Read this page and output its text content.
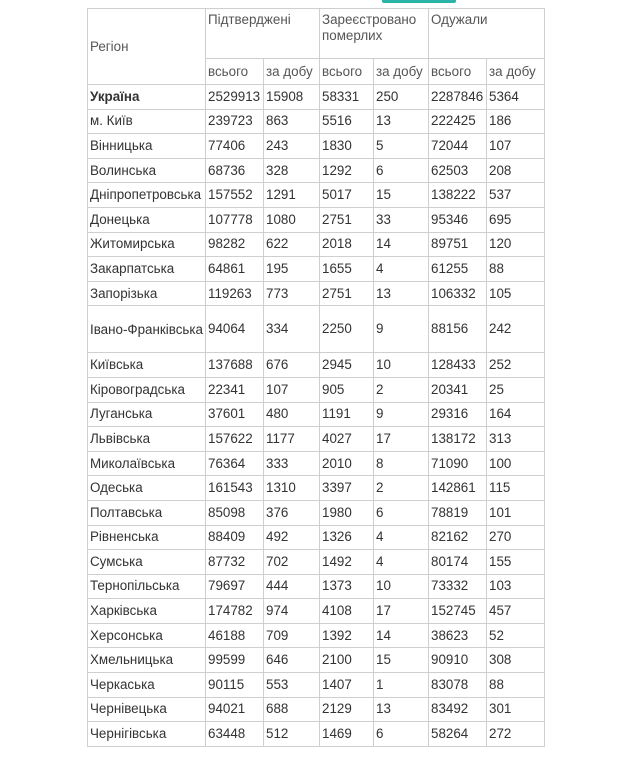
Регіон	Підтверджені		Зареєстровано померлих		Одужали	

	всього	за добу	всього	за добу	всього	за добу
Україна	2529913	15908	58331	250	2287846	5364
м. Київ	239723	863	5516	13	222425	186
Вінницька	77406	243	1830	5	72044	107
Волинська	68736	328	1292	6	62503	208
Дніпропетровська	157552	1291	5017	15	138222	537
Донецька	107778	1080	2751	33	95346	695
Житомирська	98282	622	2018	14	89751	120
Закарпатська	64861	195	1655	4	61255	88
Запорізька	119263	773	2751	13	106332	105
Івано-Франківська	94064	334	2250	9	88156	242
Київська	137688	676	2945	10	128433	252
Кіровоградська	22341	107	905	2	20341	25
Луганська	37601	480	1191	9	29316	164
Львівська	157622	1177	4027	17	138172	313
Миколаївська	76364	333	2010	8	71090	100
Одеська	161543	1310	3397	2	142861	115
Полтавська	85098	376	1980	6	78819	101
Рівненська	88409	492	1326	4	82162	270
Сумська	87732	702	1492	4	80174	155
Тернопільська	79697	444	1373	10	73332	103
Харківська	174782	974	4108	17	152745	457
Херсонська	46188	709	1392	14	38623	52
Хмельницька	99599	646	2100	15	90910	308
Черкаська	90115	553	1407	1	83078	88
Чернівецька	94021	688	2129	13	83492	301
Чернігівська	63448	512	1469	6	58264	272
